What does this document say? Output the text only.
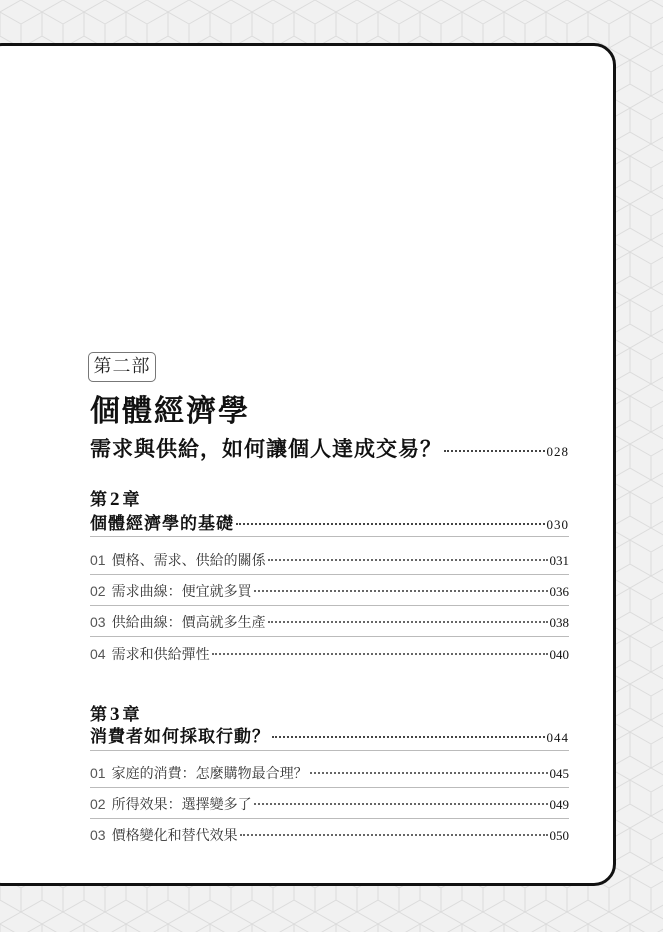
第二部
個體經濟學
需求與供給，如何讓個人達成交易？	028
第 2 章
個體經濟學的基礎	030
01 價格、需求、供給的關係	031
02 需求曲線：便宜就多買	036
03 供給曲線：價高就多生產	038
04 需求和供給彈性	040
第 3 章
消費者如何採取行動？	044
01 家庭的消費：怎麼購物最合理？	045
02 所得效果：選擇變多了	049
03 價格變化和替代效果	050
